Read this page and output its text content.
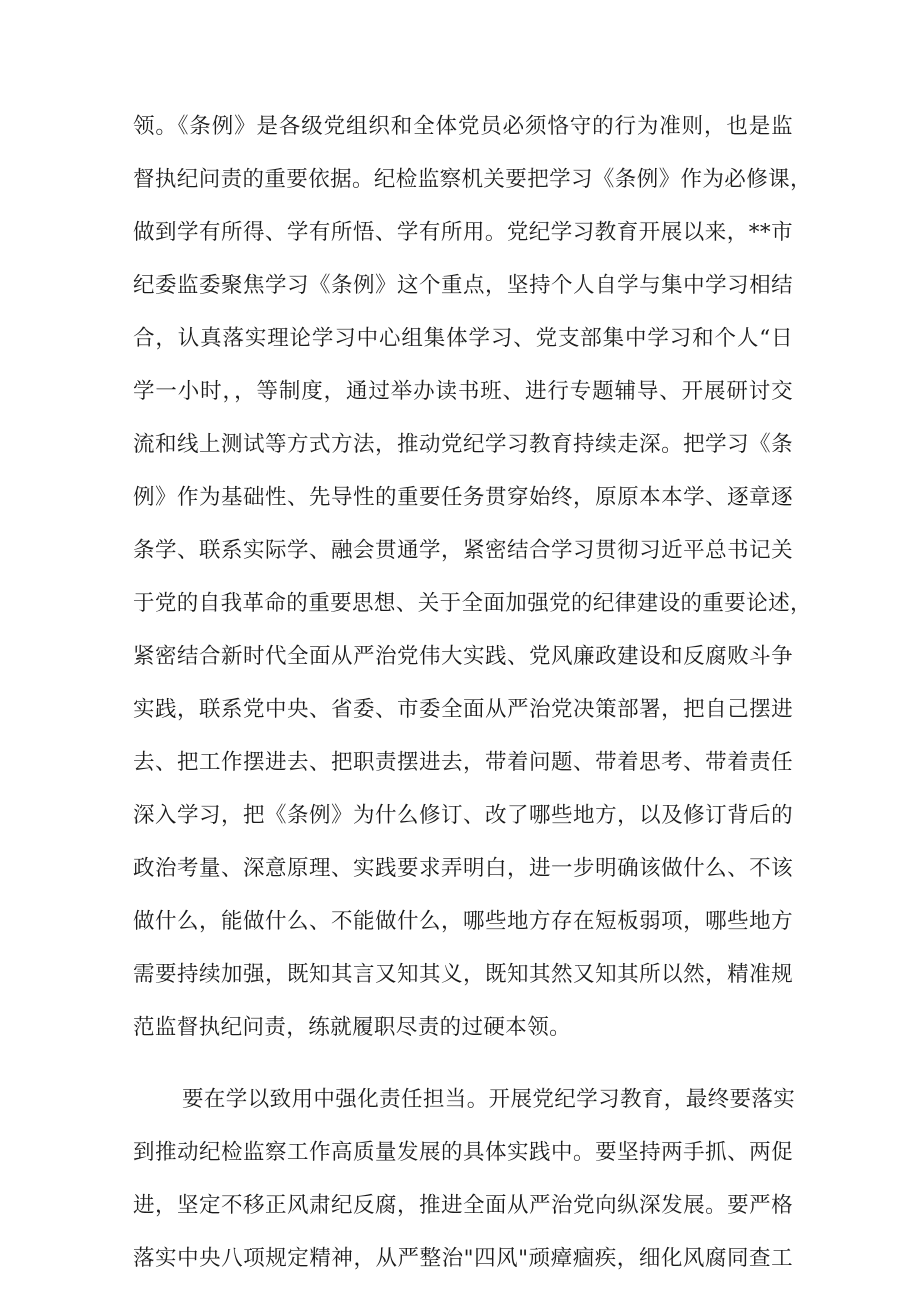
领。《条例》是各级党组织和全体党员必须恪守的行为准则，也是监
督执纪问责的重要依据。纪检监察机关要把学习《条例》作为必修课，
做到学有所得、学有所悟、学有所用。党纪学习教育开展以来，**市
纪委监委聚焦学习《条例》这个重点，坚持个人自学与集中学习相结
合，认真落实理论学习中心组集体学习、党支部集中学习和个人“日
学一小时，，等制度，通过举办读书班、进行专题辅导、开展研讨交
流和线上测试等方式方法，推动党纪学习教育持续走深。把学习《条
例》作为基础性、先导性的重要任务贯穿始终，原原本本学、逐章逐
条学、联系实际学、融会贯通学，紧密结合学习贯彻习近平总书记关
于党的自我革命的重要思想、关于全面加强党的纪律建设的重要论述，
紧密结合新时代全面从严治党伟大实践、党风廉政建设和反腐败斗争
实践，联系党中央、省委、市委全面从严治党决策部署，把自己摆进
去、把工作摆进去、把职责摆进去，带着问题、带着思考、带着责任
深入学习，把《条例》为什么修订、改了哪些地方，以及修订背后的
政治考量、深意原理、实践要求弄明白，进一步明确该做什么、不该
做什么，能做什么、不能做什么，哪些地方存在短板弱项，哪些地方
需要持续加强，既知其言又知其义，既知其然又知其所以然，精准规
范监督执纪问责，练就履职尽责的过硬本领。
要在学以致用中强化责任担当。开展党纪学习教育，最终要落实
到推动纪检监察工作高质量发展的具体实践中。要坚持两手抓、两促
进，坚定不移正风肃纪反腐，推进全面从严治党向纵深发展。要严格
落实中央八项规定精神，从严整治"四风"顽瘴痼疾，细化风腐同查工
